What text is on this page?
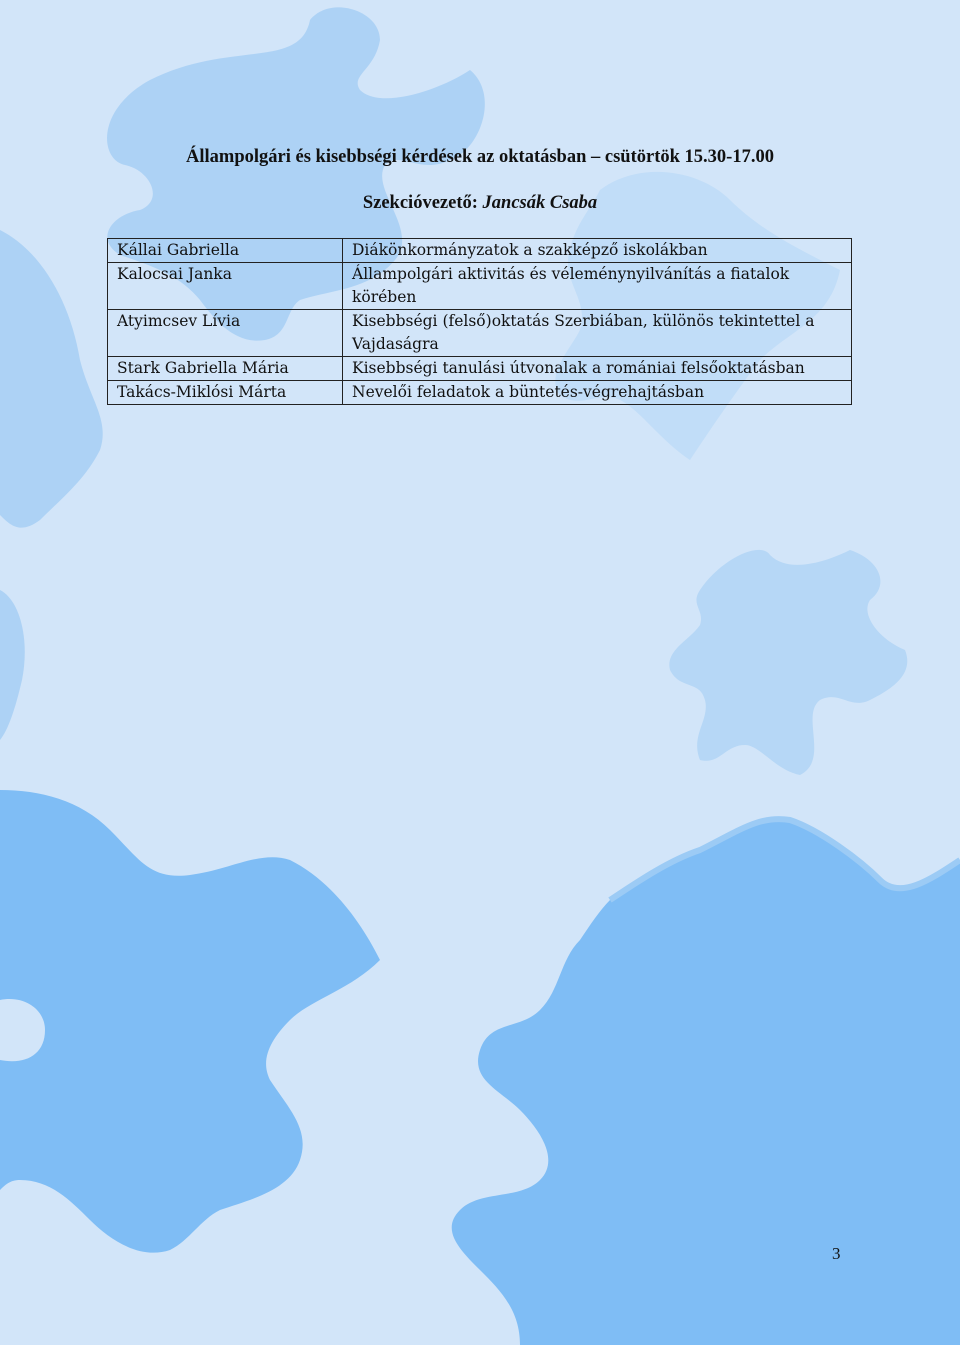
Állampolgári és kisebbségi kérdések az oktatásban – csütörtök 15.30-17.00
Szekcióvezető: Jancsák Csaba
Kállai Gabriella	Diákönkormányzatok a szakképző iskolákban
Kalocsai Janka	Állampolgári aktivitás és véleménynyilvánítás a fiatalok körében
Atyimcsev Lívia	Kisebbségi (felső)oktatás Szerbiában, különös tekintettel a Vajdaságra
Stark Gabriella Mária	Kisebbségi tanulási útvonalak a romániai felsőoktatásban
Takács-Miklósi Márta	Nevelői feladatok a büntetés-végrehajtásban
3
